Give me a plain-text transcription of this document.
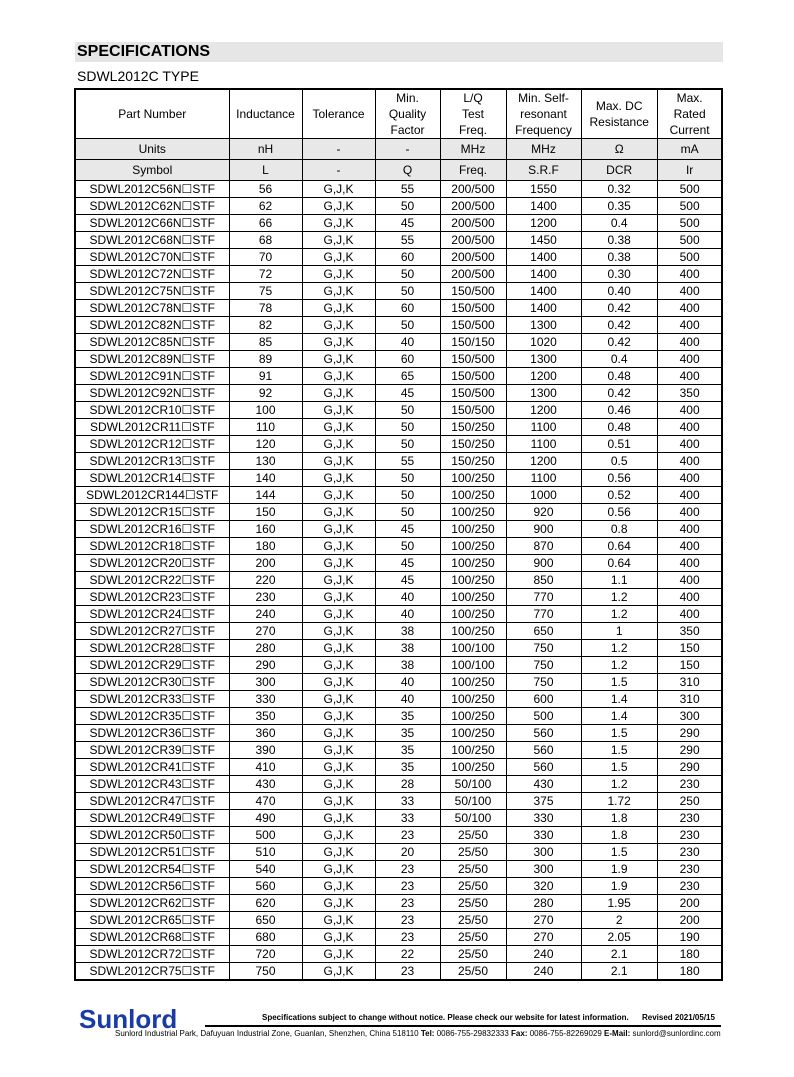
SPECIFICATIONS
SDWL2012C TYPE
Part Number	Inductance	Tolerance	Min. Quality Factor	L/Q Test Freq.	Min. Self-resonant Frequency	Max. DC Resistance	Max. Rated Current
Units	nH	-	-	MHz	MHz	Ω	mA
Symbol	L	-	Q	Freq.	S.R.F	DCR	Ir
SDWL2012C56N☐STF	56	G,J,K	55	200/500	1550	0.32	500
SDWL2012C62N☐STF	62	G,J,K	50	200/500	1400	0.35	500
SDWL2012C66N☐STF	66	G,J,K	45	200/500	1200	0.4	500
SDWL2012C68N☐STF	68	G,J,K	55	200/500	1450	0.38	500
SDWL2012C70N☐STF	70	G,J,K	60	200/500	1400	0.38	500
SDWL2012C72N☐STF	72	G,J,K	50	200/500	1400	0.30	400
SDWL2012C75N☐STF	75	G,J,K	50	150/500	1400	0.40	400
SDWL2012C78N☐STF	78	G,J,K	60	150/500	1400	0.42	400
SDWL2012C82N☐STF	82	G,J,K	50	150/500	1300	0.42	400
SDWL2012C85N☐STF	85	G,J,K	40	150/150	1020	0.42	400
SDWL2012C89N☐STF	89	G,J,K	60	150/500	1300	0.4	400
SDWL2012C91N☐STF	91	G,J,K	65	150/500	1200	0.48	400
SDWL2012C92N☐STF	92	G,J,K	45	150/500	1300	0.42	350
SDWL2012CR10☐STF	100	G,J,K	50	150/500	1200	0.46	400
SDWL2012CR11☐STF	110	G,J,K	50	150/250	1100	0.48	400
SDWL2012CR12☐STF	120	G,J,K	50	150/250	1100	0.51	400
SDWL2012CR13☐STF	130	G,J,K	55	150/250	1200	0.5	400
SDWL2012CR14☐STF	140	G,J,K	50	100/250	1100	0.56	400
SDWL2012CR144☐STF	144	G,J,K	50	100/250	1000	0.52	400
SDWL2012CR15☐STF	150	G,J,K	50	100/250	920	0.56	400
SDWL2012CR16☐STF	160	G,J,K	45	100/250	900	0.8	400
SDWL2012CR18☐STF	180	G,J,K	50	100/250	870	0.64	400
SDWL2012CR20☐STF	200	G,J,K	45	100/250	900	0.64	400
SDWL2012CR22☐STF	220	G,J,K	45	100/250	850	1.1	400
SDWL2012CR23☐STF	230	G,J,K	40	100/250	770	1.2	400
SDWL2012CR24☐STF	240	G,J,K	40	100/250	770	1.2	400
SDWL2012CR27☐STF	270	G,J,K	38	100/250	650	1	350
SDWL2012CR28☐STF	280	G,J,K	38	100/100	750	1.2	150
SDWL2012CR29☐STF	290	G,J,K	38	100/100	750	1.2	150
SDWL2012CR30☐STF	300	G,J,K	40	100/250	750	1.5	310
SDWL2012CR33☐STF	330	G,J,K	40	100/250	600	1.4	310
SDWL2012CR35☐STF	350	G,J,K	35	100/250	500	1.4	300
SDWL2012CR36☐STF	360	G,J,K	35	100/250	560	1.5	290
SDWL2012CR39☐STF	390	G,J,K	35	100/250	560	1.5	290
SDWL2012CR41☐STF	410	G,J,K	35	100/250	560	1.5	290
SDWL2012CR43☐STF	430	G,J,K	28	50/100	430	1.2	230
SDWL2012CR47☐STF	470	G,J,K	33	50/100	375	1.72	250
SDWL2012CR49☐STF	490	G,J,K	33	50/100	330	1.8	230
SDWL2012CR50☐STF	500	G,J,K	23	25/50	330	1.8	230
SDWL2012CR51☐STF	510	G,J,K	20	25/50	300	1.5	230
SDWL2012CR54☐STF	540	G,J,K	23	25/50	300	1.9	230
SDWL2012CR56☐STF	560	G,J,K	23	25/50	320	1.9	230
SDWL2012CR62☐STF	620	G,J,K	23	25/50	280	1.95	200
SDWL2012CR65☐STF	650	G,J,K	23	25/50	270	2	200
SDWL2012CR68☐STF	680	G,J,K	23	25/50	270	2.05	190
SDWL2012CR72☐STF	720	G,J,K	22	25/50	240	2.1	180
SDWL2012CR75☐STF	750	G,J,K	23	25/50	240	2.1	180
Sunlord	Specifications subject to change without notice. Please check our website for latest information. Revised 2021/05/15
Sunlord Industrial Park, Dafuyuan Industrial Zone, Guanlan, Shenzhen, China 518110 Tel: 0086-755-29832333 Fax: 0086-755-82269029 E-Mail: sunlord@sunlordinc.com
